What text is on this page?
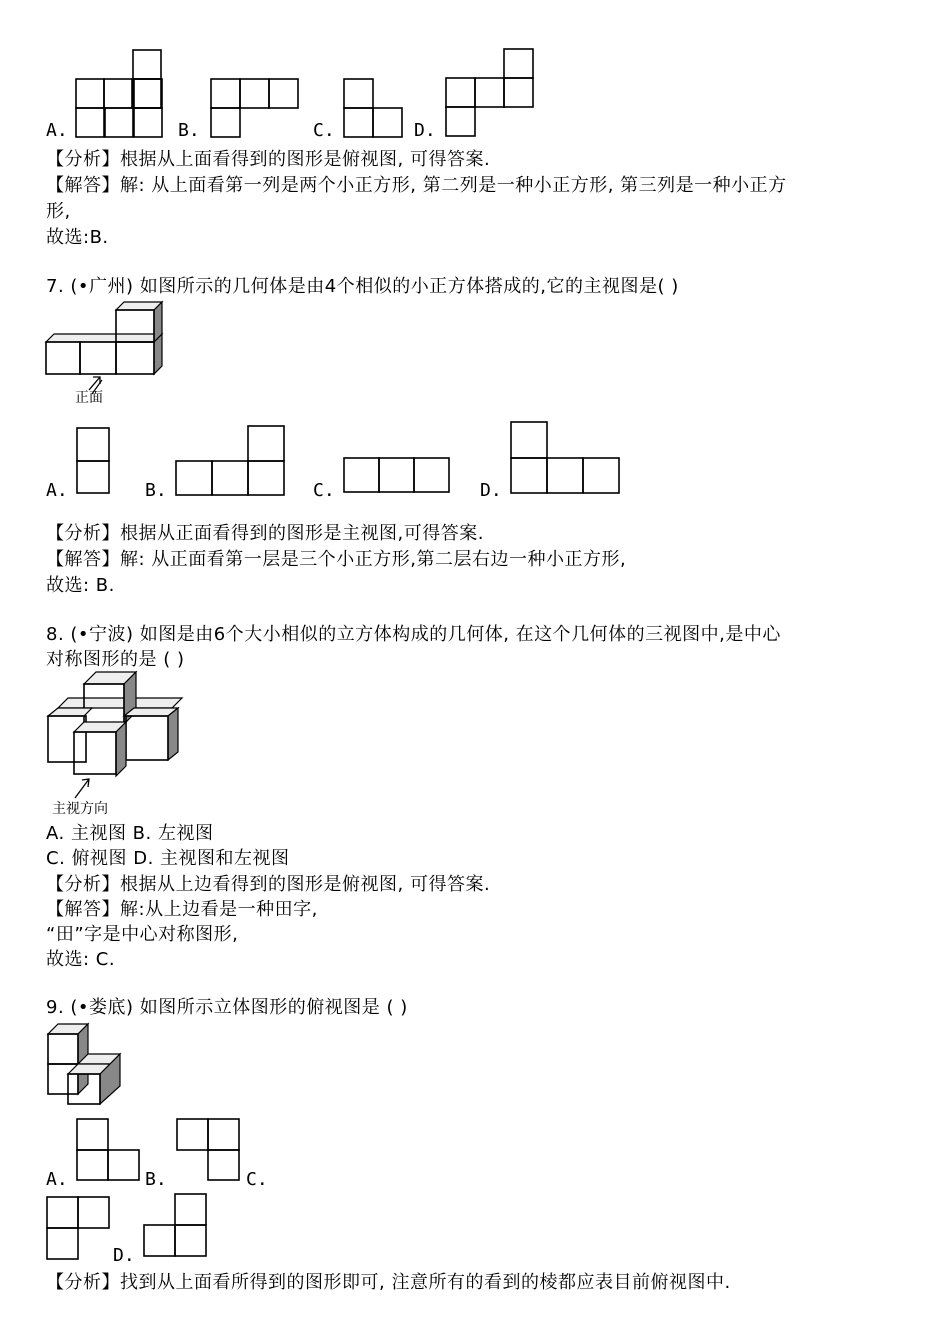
A.	B.	C.	D.
【分析】根据从上面看得到的图形是俯视图, 可得答案.
【解答】解: 从上面看第一列是两个小正方形, 第二列是一种小正方形, 第三列是一种小正方
形,
故选:B.
7. (•广州) 如图所示的几何体是由4个相似的小正方体搭成的,它的主视图是( )
正面
A.	B.	C.	D.
【分析】根据从正面看得到的图形是主视图,可得答案.
【解答】解: 从正面看第一层是三个小正方形,第二层右边一种小正方形,
故选: B.
8. (•宁波) 如图是由6个大小相似的立方体构成的几何体, 在这个几何体的三视图中,是中心
对称图形的是 ( )
主视方向
A. 主视图 B. 左视图
C. 俯视图 D. 主视图和左视图
【分析】根据从上边看得到的图形是俯视图, 可得答案.
【解答】解:从上边看是一种田字,
“田”字是中心对称图形,
故选: C.
9. (•娄底) 如图所示立体图形的俯视图是 ( )
A.	B.	C.
D.
【分析】找到从上面看所得到的图形即可, 注意所有的看到的棱都应表目前俯视图中.
